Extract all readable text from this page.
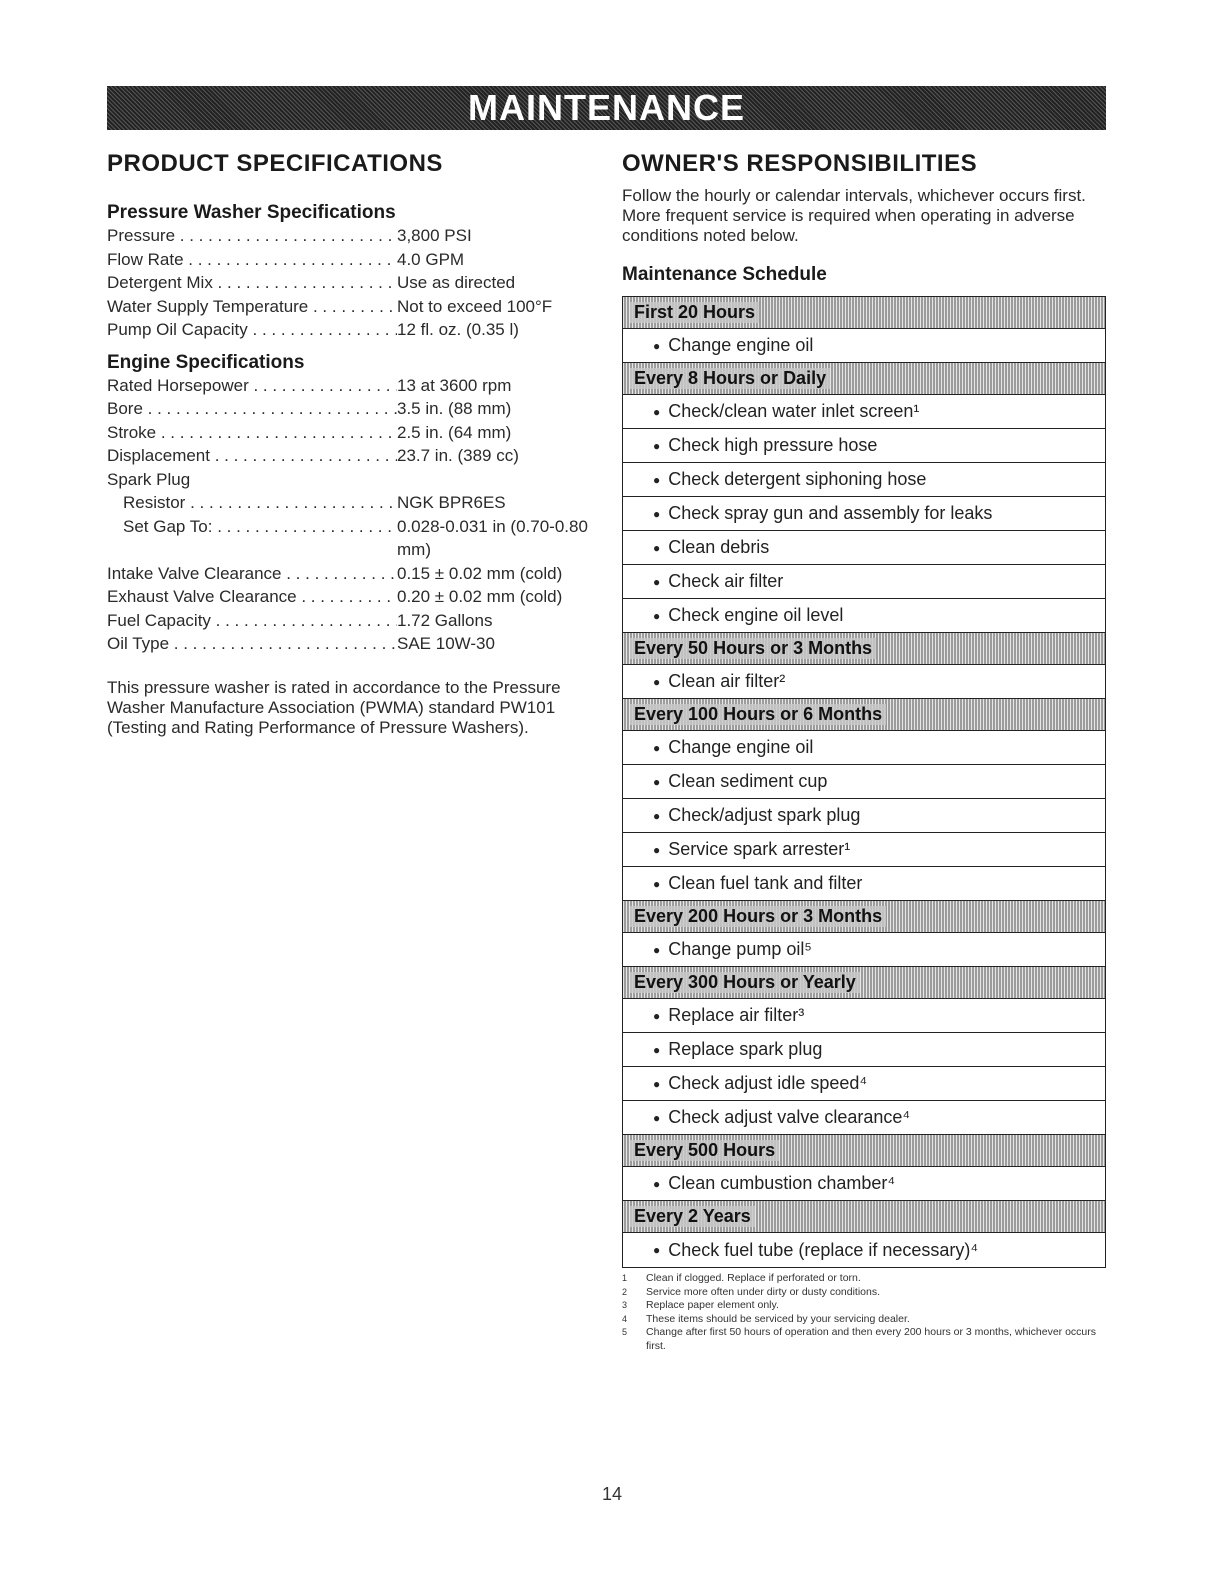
MAINTENANCE
PRODUCT SPECIFICATIONS
Pressure Washer Specifications
Pressure . . .	3,800 PSI
Flow Rate . . .	4.0 GPM
Detergent Mix . . .	Use as directed
Water Supply Temperature . . .	Not to exceed 100°F
Pump Oil Capacity . . .	12 fl. oz. (0.35 l)
Engine Specifications
Rated Horsepower . . .	13 at 3600 rpm
Bore . . .	3.5 in. (88 mm)
Stroke . . .	2.5 in. (64 mm)
Displacement . . .	23.7 in. (389 cc)
Spark Plug
Resistor . . .	NGK BPR6ES
Set Gap To: . . .	0.028-0.031 in (0.70-0.80 mm)
Intake Valve Clearance . . .	0.15 ± 0.02 mm (cold)
Exhaust Valve Clearance . . .	0.20 ± 0.02 mm (cold)
Fuel Capacity . . .	1.72 Gallons
Oil Type . . .	SAE 10W-30

This pressure washer is rated in accordance to the Pressure Washer Manufacture Association (PWMA) standard PW101 (Testing and Rating Performance of Pressure Washers).

OWNER'S RESPONSIBILITIES

Follow the hourly or calendar intervals, whichever occurs first. More frequent service is required when operating in adverse conditions noted below.

Maintenance Schedule
First 20 Hours
● Change engine oil
Every 8 Hours or Daily
● Check/clean water inlet screen¹
● Check high pressure hose
● Check detergent siphoning hose
● Check spray gun and assembly for leaks
● Clean debris
● Check air filter
● Check engine oil level
Every 50 Hours or 3 Months
● Clean air filter²
Every 100 Hours or 6 Months
● Change engine oil
● Clean sediment cup
● Check/adjust spark plug
● Service spark arrester¹
● Clean fuel tank and filter
Every 200 Hours or 3 Months
● Change pump oil⁵
Every 300 Hours or Yearly
● Replace air filter³
● Replace spark plug
● Check adjust idle speed⁴
● Check adjust valve clearance⁴
Every 500 Hours
● Clean cumbustion chamber⁴
Every 2 Years
● Check fuel tube (replace if necessary)⁴
1	Clean if clogged. Replace if perforated or torn.
2	Service more often under dirty or dusty conditions.
3	Replace paper element only.
4	These items should be serviced by your servicing dealer.
5	Change after first 50 hours of operation and then every 200 hours or 3 months, whichever occurs first.
14
